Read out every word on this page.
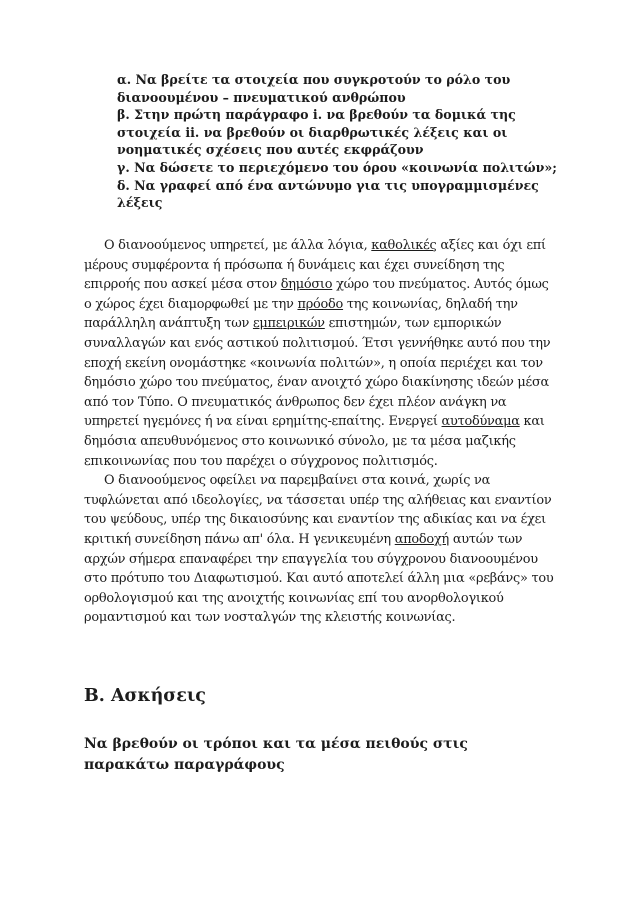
α. Να βρείτε τα στοιχεία που συγκροτούν το ρόλο του διανοουμένου – πνευματικού ανθρώπου

β. Στην πρώτη παράγραφο i. να βρεθούν τα δομικά της στοιχεία ii. να βρεθούν οι διαρθρωτικές λέξεις και οι νοηματικές σχέσεις που αυτές εκφράζουν

γ. Να δώσετε το περιεχόμενο του όρου «κοινωνία πολιτών»;

δ. Να γραφεί από ένα αντώνυμο για τις υπογραμμισμένες λέξεις

Ο διανοούμενος υπηρετεί, με άλλα λόγια, καθολικές αξίες και όχι επί μέρους συμφέροντα ή πρόσωπα ή δυνάμεις και έχει συνείδηση της επιρροής που ασκεί μέσα στον δημόσιο χώρο του πνεύματος. Αυτός όμως ο χώρος έχει διαμορφωθεί με την πρόοδο της κοινωνίας, δηλαδή την παράλληλη ανάπτυξη των εμπειρικών επιστημών, των εμπορικών συναλλαγών και ενός αστικού πολιτισμού. Έτσι γεννήθηκε αυτό που την εποχή εκείνη ονομάστηκε «κοινωνία πολιτών», η οποία περιέχει και τον δημόσιο χώρο του πνεύματος, έναν ανοιχτό χώρο διακίνησης ιδεών μέσα από τον Τύπο. Ο πνευματικός άνθρωπος δεν έχει πλέον ανάγκη να υπηρετεί ηγεμόνες ή να είναι ερημίτης-επαίτης. Ενεργεί αυτοδύναμα και δημόσια απευθυνόμενος στο κοινωνικό σύνολο, με τα μέσα μαζικής επικοινωνίας που του παρέχει ο σύγχρονος πολιτισμός.

Ο διανοούμενος οφείλει να παρεμβαίνει στα κοινά, χωρίς να τυφλώνεται από ιδεολογίες, να τάσσεται υπέρ της αλήθειας και εναντίον του ψεύδους, υπέρ της δικαιοσύνης και εναντίον της αδικίας και να έχει κριτική συνείδηση πάνω απ' όλα. Η γενικευμένη αποδοχή αυτών των αρχών σήμερα επαναφέρει την επαγγελία του σύγχρονου διανοουμένου στο πρότυπο του Διαφωτισμού. Και αυτό αποτελεί άλλη μια «ρεβάνς» του ορθολογισμού και της ανοιχτής κοινωνίας επί του ανορθολογικού ρομαντισμού και των νοσταλγών της κλειστής κοινωνίας.

Β. Ασκήσεις

Να βρεθούν οι τρόποι και τα μέσα πειθούς στις παρακάτω παραγράφους
